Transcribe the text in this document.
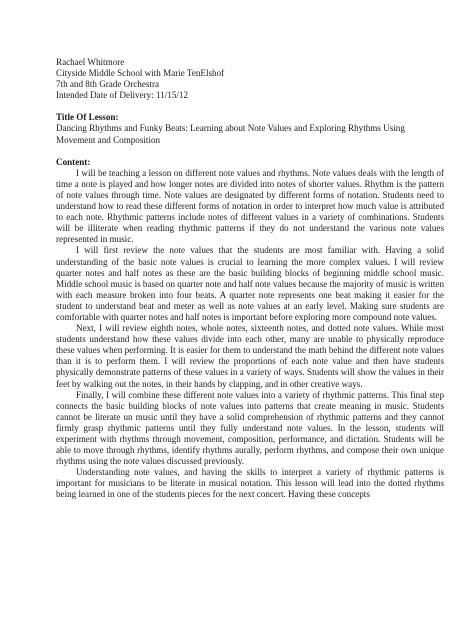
Rachael Whitmore
Cityside Middle School with Marie TenElshof
7th and 8th Grade Orchestra
Intended Date of Delivery: 11/15/12
Title Of Lesson:

Dancing Rhythms and Funky Beats: Learning about Note Values and Exploring Rhythms Using Movement and Composition

Content:

I will be teaching a lesson on different note values and rhythms. Note values deals with the length of time a note is played and how longer notes are divided into notes of shorter values. Rhythm is the pattern of note values through time. Note values are designated by different forms of notation. Students need to understand how to read these different forms of notation in order to interpret how much value is attributed to each note. Rhythmic patterns include notes of different values in a variety of combinations. Students will be illiterate when reading rhythmic patterns if they do not understand the various note values represented in music.

I will first review the note values that the students are most familiar with. Having a solid understanding of the basic note values is crucial to learning the more complex values. I will review quarter notes and half notes as these are the basic building blocks of beginning middle school music. Middle school music is based on quarter note and half note values because the majority of music is written with each measure broken into four beats. A quarter note represents one beat making it easier for the student to understand beat and meter as well as note values at an early level. Making sure students are comfortable with quarter notes and half notes is important before exploring more compound note values.

Next, I will review eighth notes, whole notes, sixteenth notes, and dotted note values. While most students understand how these values divide into each other, many are unable to physically reproduce these values when performing. It is easier for them to understand the math behind the different note values than it is to perform them. I will review the proportions of each note value and then have students physically demonstrate patterns of these values in a variety of ways. Students will show the values in their feet by walking out the notes, in their hands by clapping, and in other creative ways.

Finally, I will combine these different note values into a variety of rhythmic patterns. This final step connects the basic building blocks of note values into patterns that create meaning in music. Students cannot be literate un music until they have a solid comprehension of rhythmic patterns and they cannot firmly grasp rhythmic patterns until they fully understand note values. In the lesson, students will experiment with rhythms through movement, composition, performance, and dictation. Students will be able to move through rhythms, identify rhythms aurally, perform rhythms, and compose their own unique rhythms using the note values discussed previously.

Understanding note values, and having the skills to interpret a variety of rhythmic patterns is important for musicians to be literate in musical notation. This lesson will lead into the dotted rhythms being learned in one of the students pieces for the next concert. Having these concepts
